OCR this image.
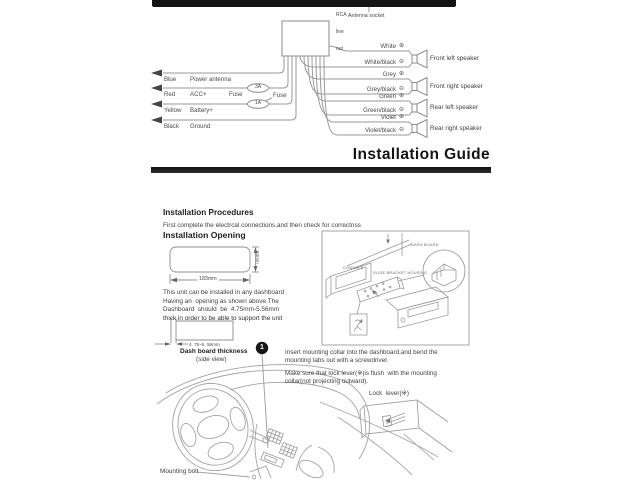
RCA

line

out

Antenna socket
Blue Power antenna
Red ACC+	Fuse
3A
Fuse
1A
Yellow Battery+
Black Ground
White
White/black
Grey
Grey/black
Green
Green/black
Violet
Violet/black
⊕
⊖
⊕
⊖
⊕
⊖
⊕
⊖
Front left speaker
Front right speaker
Rear left speaker
Rear right speaker
Installation Guide
Installation Procedures
First complete the electrcal connections,and then check for correctnss
Installation Opening
183mm
53mm
This unit can be installed in any dashboard
Having an  opening as shown above.The
Dashboard  should  be  4.75mm-5.56mm
thick in order to be able to support the unit
4. 75~5. 56mm
Dash board thickness
(side view)
1
Insert mounting collar into the dashboard,and bend the
mounting tabs out with a screwdriver.
Make sure that lock lever(※)is flush  with the mounting
collar(not projecting outward).
Lock  lever(※)
Mounting bolt
DASH BOARD
CONSOLE
SLIDE BRACKET HOUSING
